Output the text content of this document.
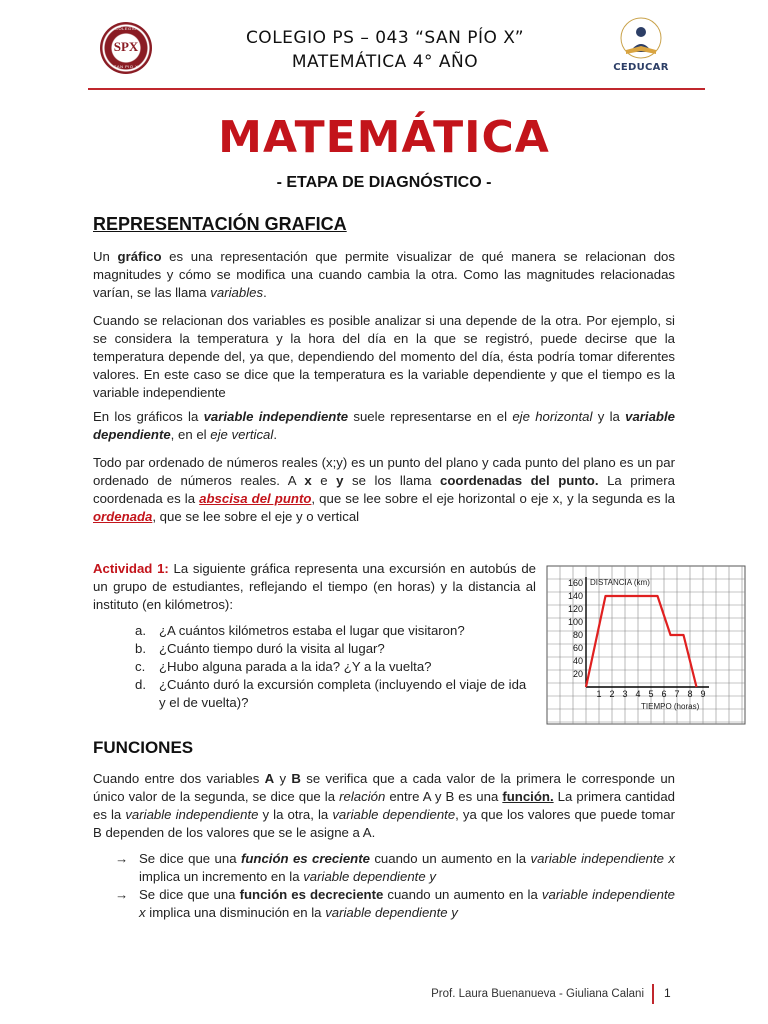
COLEGIO
SPX
SAN PIO X
COLEGIO PS – 043 “SAN PÍO X”
MATEMÁTICA 4° AÑO	CEDUCAR
MATEMÁTICA
- ETAPA DE DIAGNÓSTICO -
REPRESENTACIÓN GRAFICA

Un gráfico es una representación que permite visualizar de qué manera se relacionan dos magnitudes y cómo se modifica una cuando cambia la otra. Como las magnitudes relacionadas varían, se las llama variables.

Cuando se relacionan dos variables es posible analizar si una depende de la otra. Por ejemplo, si se considera la temperatura y la hora del día en la que se registró, puede decirse que la temperatura depende del, ya que, dependiendo del momento del día, ésta podría tomar diferentes valores. En este caso se dice que la temperatura es la variable dependiente y que el tiempo es la variable independiente

En los gráficos la variable independiente suele representarse en el eje horizontal y la variable dependiente, en el eje vertical.

Todo par ordenado de números reales (x;y) es un punto del plano y cada punto del plano es un par ordenado de números reales. A x e y se los llama coordenadas del punto. La primera coordenada es la abscisa del punto, que se lee sobre el eje horizontal o eje x, y la segunda es la ordenada, que se lee sobre el eje y o vertical

Actividad 1: La siguiente gráfica representa una excursión en autobús de un grupo de estudiantes, reflejando el tiempo (en horas) y la distancia al instituto (en kilómetros):

a. ¿A cuántos kilómetros estaba el lugar que visitaron?
b. ¿Cuánto tiempo duró la visita al lugar?
c. ¿Hubo alguna parada a la ida? ¿Y a la vuelta?
d. ¿Cuánto duró la excursión completa (incluyendo el viaje de ida y el de vuelta)?
1 2 3 4 5 6 7 8 9
20
40
60
80
100
120
140
160 DISTANCIA (km)
TIEMPO (horas)
FUNCIONES

Cuando entre dos variables A y B se verifica que a cada valor de la primera le corresponde un único valor de la segunda, se dice que la relación entre A y B es una función. La primera cantidad es la variable independiente y la otra, la variable dependiente, ya que los valores que puede tomar B dependen de los valores que se le asigne a A.

→ Se dice que una función es creciente cuando un aumento en la variable independiente x implica un incremento en la variable dependiente y
→ Se dice que una función es decreciente cuando un aumento en la variable independiente x implica una disminución en la variable dependiente y
Prof. Laura Buenanueva - Giuliana Calani 1
